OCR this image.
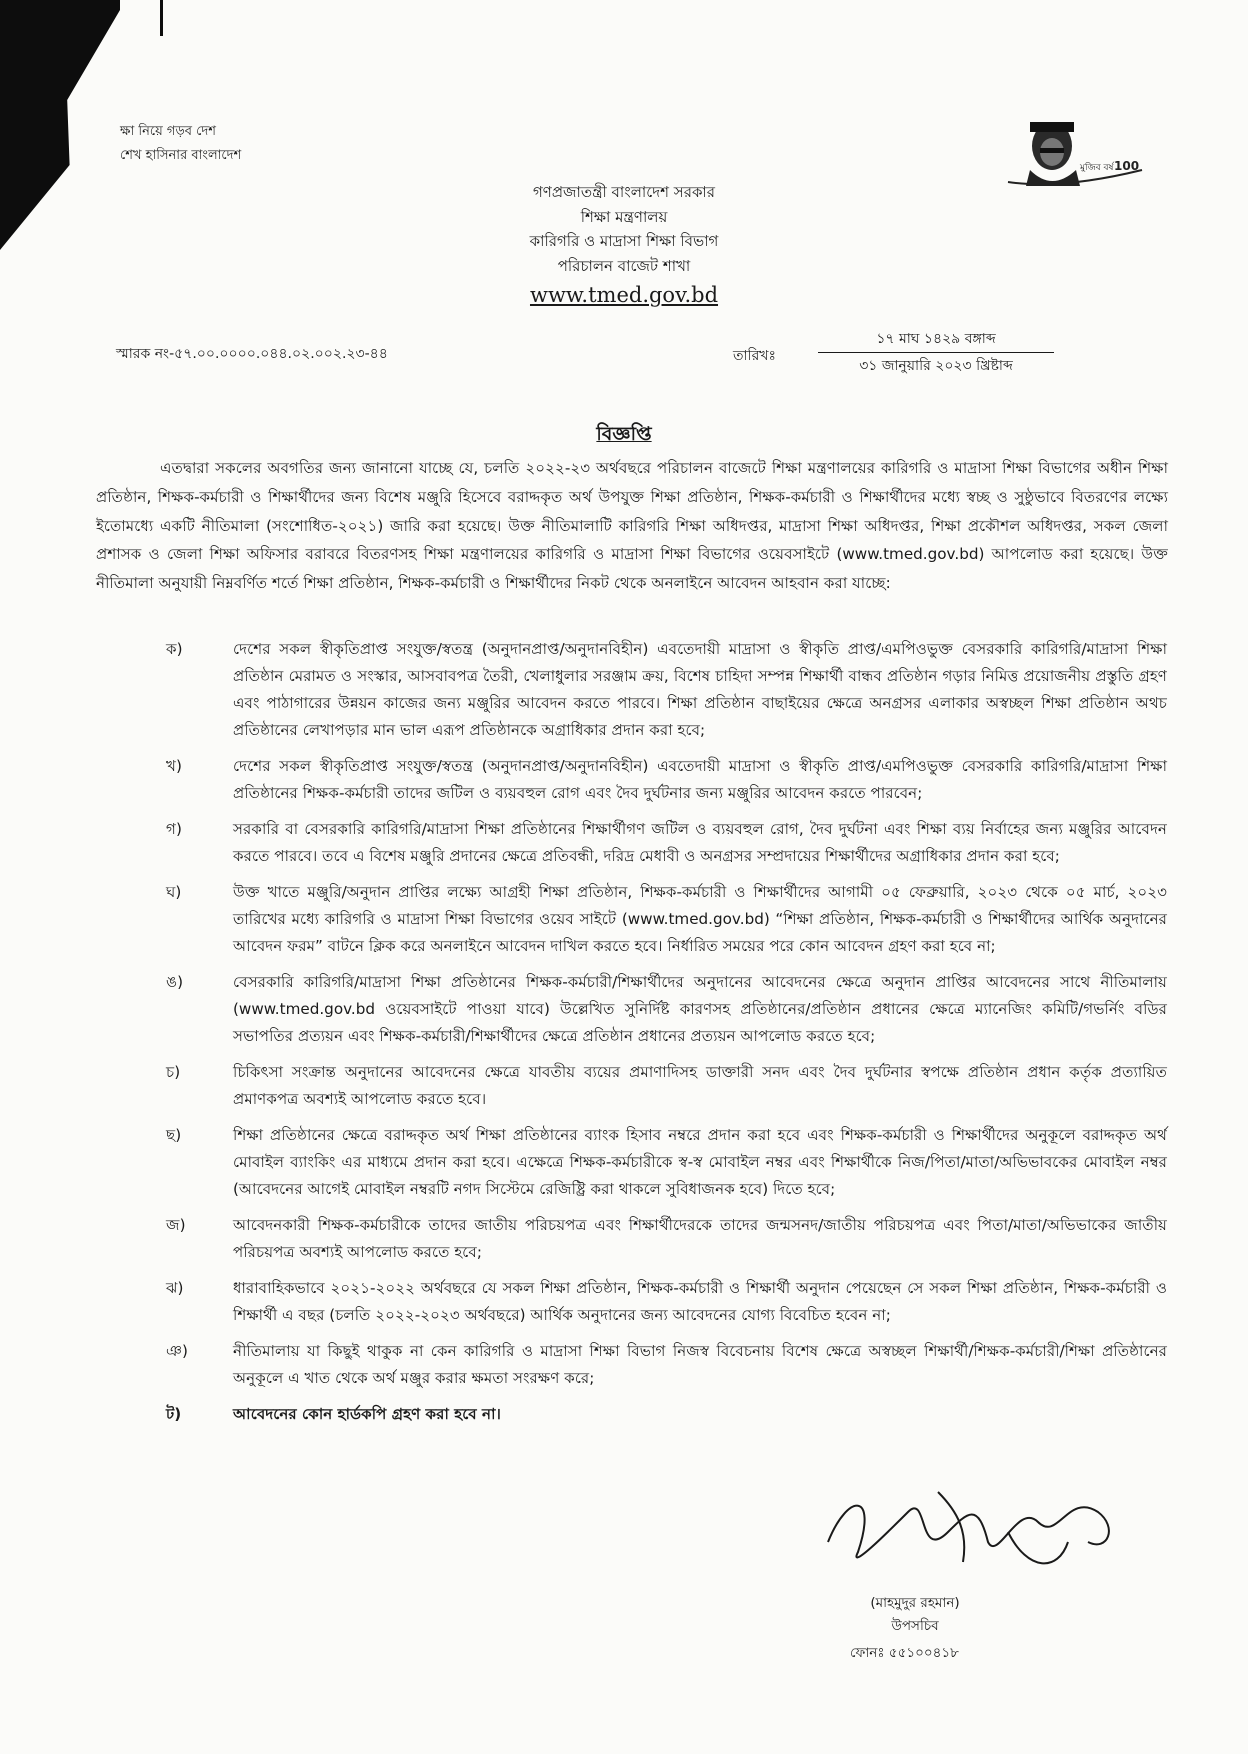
ক্ষা নিয়ে গড়ব দেশ
শেখ হাসিনার বাংলাদেশ
মুজিব বর্ষ 100
গণপ্রজাতন্ত্রী বাংলাদেশ সরকার
শিক্ষা মন্ত্রণালয়
কারিগরি ও মাদ্রাসা শিক্ষা বিভাগ
পরিচালন বাজেট শাখা
www.tmed.gov.bd
স্মারক নং-৫৭.০০.০০০০.০৪৪.০২.০০২.২৩-৪৪	তারিখঃ
১৭ মাঘ ১৪২৯ বঙ্গাব্দ
৩১ জানুয়ারি ২০২৩ খ্রিষ্টাব্দ
বিজ্ঞপ্তি

এতদ্বারা সকলের অবগতির জন্য জানানো যাচ্ছে যে, চলতি ২০২২-২৩ অর্থবছরে পরিচালন বাজেটে শিক্ষা মন্ত্রণালয়ের কারিগরি ও মাদ্রাসা শিক্ষা বিভাগের অধীন শিক্ষা প্রতিষ্ঠান, শিক্ষক-কর্মচারী ও শিক্ষার্থীদের জন্য বিশেষ মঞ্জুরি হিসেবে বরাদ্দকৃত অর্থ উপযুক্ত শিক্ষা প্রতিষ্ঠান, শিক্ষক-কর্মচারী ও শিক্ষার্থীদের মধ্যে স্বচ্ছ ও সুষ্ঠুভাবে বিতরণের লক্ষ্যে ইতোমধ্যে একটি নীতিমালা (সংশোধিত-২০২১) জারি করা হয়েছে। উক্ত নীতিমালাটি কারিগরি শিক্ষা অধিদপ্তর, মাদ্রাসা শিক্ষা অধিদপ্তর, শিক্ষা প্রকৌশল অধিদপ্তর, সকল জেলা প্রশাসক ও জেলা শিক্ষা অফিসার বরাবরে বিতরণসহ শিক্ষা মন্ত্রণালয়ের কারিগরি ও মাদ্রাসা শিক্ষা বিভাগের ওয়েবসাইটে (www.tmed.gov.bd) আপলোড করা হয়েছে। উক্ত নীতিমালা অনুযায়ী নিম্নবর্ণিত শর্তে শিক্ষা প্রতিষ্ঠান, শিক্ষক-কর্মচারী ও শিক্ষার্থীদের নিকট থেকে অনলাইনে আবেদন আহবান করা যাচ্ছে:

ক)	দেশের সকল স্বীকৃতিপ্রাপ্ত সংযুক্ত/স্বতন্ত্র (অনুদানপ্রাপ্ত/অনুদানবিহীন) এবতেদায়ী মাদ্রাসা ও স্বীকৃতি প্রাপ্ত/এমপিওভুক্ত বেসরকারি কারিগরি/মাদ্রাসা শিক্ষা প্রতিষ্ঠান মেরামত ও সংস্কার, আসবাবপত্র তৈরী, খেলাধুলার সরঞ্জাম ক্রয়, বিশেষ চাহিদা সম্পন্ন শিক্ষার্থী বান্ধব প্রতিষ্ঠান গড়ার নিমিত্ত প্রয়োজনীয় প্রস্তুতি গ্রহণ এবং পাঠাগারের উন্নয়ন কাজের জন্য মঞ্জুরির আবেদন করতে পারবে। শিক্ষা প্রতিষ্ঠান বাছাইয়ের ক্ষেত্রে অনগ্রসর এলাকার অস্বচ্ছল শিক্ষা প্রতিষ্ঠান অথচ প্রতিষ্ঠানের লেখাপড়ার মান ভাল এরূপ প্রতিষ্ঠানকে অগ্রাধিকার প্রদান করা হবে;

খ)	দেশের সকল স্বীকৃতিপ্রাপ্ত সংযুক্ত/স্বতন্ত্র (অনুদানপ্রাপ্ত/অনুদানবিহীন) এবতেদায়ী মাদ্রাসা ও স্বীকৃতি প্রাপ্ত/এমপিওভুক্ত বেসরকারি কারিগরি/মাদ্রাসা শিক্ষা প্রতিষ্ঠানের শিক্ষক-কর্মচারী তাদের জটিল ও ব্যয়বহুল রোগ এবং দৈব দুর্ঘটনার জন্য মঞ্জুরির আবেদন করতে পারবেন;

গ)	সরকারি বা বেসরকারি কারিগরি/মাদ্রাসা শিক্ষা প্রতিষ্ঠানের শিক্ষার্থীগণ জটিল ও ব্যয়বহুল রোগ, দৈব দুর্ঘটনা এবং শিক্ষা ব্যয় নির্বাহের জন্য মঞ্জুরির আবেদন করতে পারবে। তবে এ বিশেষ মঞ্জুরি প্রদানের ক্ষেত্রে প্রতিবন্ধী, দরিদ্র মেধাবী ও অনগ্রসর সম্প্রদায়ের শিক্ষার্থীদের অগ্রাধিকার প্রদান করা হবে;

ঘ)	উক্ত খাতে মঞ্জুরি/অনুদান প্রাপ্তির লক্ষ্যে আগ্রহী শিক্ষা প্রতিষ্ঠান, শিক্ষক-কর্মচারী ও শিক্ষার্থীদের আগামী ০৫ ফেব্রুয়ারি, ২০২৩ থেকে ০৫ মার্চ, ২০২৩ তারিখের মধ্যে কারিগরি ও মাদ্রাসা শিক্ষা বিভাগের ওয়েব সাইটে (www.tmed.gov.bd) “শিক্ষা প্রতিষ্ঠান, শিক্ষক-কর্মচারী ও শিক্ষার্থীদের আর্থিক অনুদানের আবেদন ফরম” বাটনে ক্লিক করে অনলাইনে আবেদন দাখিল করতে হবে। নির্ধারিত সময়ের পরে কোন আবেদন গ্রহণ করা হবে না;

ঙ)	বেসরকারি কারিগরি/মাদ্রাসা শিক্ষা প্রতিষ্ঠানের শিক্ষক-কর্মচারী/শিক্ষার্থীদের অনুদানের আবেদনের ক্ষেত্রে অনুদান প্রাপ্তির আবেদনের সাথে নীতিমালায় (www.tmed.gov.bd ওয়েবসাইটে পাওয়া যাবে) উল্লেখিত সুনির্দিষ্ট কারণসহ প্রতিষ্ঠানের/প্রতিষ্ঠান প্রধানের ক্ষেত্রে ম্যানেজিং কমিটি/গভর্নিং বডির সভাপতির প্রত্যয়ন এবং শিক্ষক-কর্মচারী/শিক্ষার্থীদের ক্ষেত্রে প্রতিষ্ঠান প্রধানের প্রত্যয়ন আপলোড করতে হবে;

চ)	চিকিৎসা সংক্রান্ত অনুদানের আবেদনের ক্ষেত্রে যাবতীয় ব্যয়ের প্রমাণাদিসহ ডাক্তারী সনদ এবং দৈব দুর্ঘটনার স্বপক্ষে প্রতিষ্ঠান প্রধান কর্তৃক প্রত্যায়িত প্রমাণকপত্র অবশ্যই আপলোড করতে হবে।

ছ)	শিক্ষা প্রতিষ্ঠানের ক্ষেত্রে বরাদ্দকৃত অর্থ শিক্ষা প্রতিষ্ঠানের ব্যাংক হিসাব নম্বরে প্রদান করা হবে এবং শিক্ষক-কর্মচারী ও শিক্ষার্থীদের অনুকূলে বরাদ্দকৃত অর্থ মোবাইল ব্যাংকিং এর মাধ্যমে প্রদান করা হবে। এক্ষেত্রে শিক্ষক-কর্মচারীকে স্ব-স্ব মোবাইল নম্বর এবং শিক্ষার্থীকে নিজ/পিতা/মাতা/অভিভাবকের মোবাইল নম্বর (আবেদনের আগেই মোবাইল নম্বরটি নগদ সিস্টেমে রেজিষ্ট্রি করা থাকলে সুবিধাজনক হবে) দিতে হবে;

জ)	আবেদনকারী শিক্ষক-কর্মচারীকে তাদের জাতীয় পরিচয়পত্র এবং শিক্ষার্থীদেরকে তাদের জন্মসনদ/জাতীয় পরিচয়পত্র এবং পিতা/মাতা/অভিভাকের জাতীয় পরিচয়পত্র অবশ্যই আপলোড করতে হবে;

ঝ)	ধারাবাহিকভাবে ২০২১-২০২২ অর্থবছরে যে সকল শিক্ষা প্রতিষ্ঠান, শিক্ষক-কর্মচারী ও শিক্ষার্থী অনুদান পেয়েছেন সে সকল শিক্ষা প্রতিষ্ঠান, শিক্ষক-কর্মচারী ও শিক্ষার্থী এ বছর (চলতি ২০২২-২০২৩ অর্থবছরে) আর্থিক অনুদানের জন্য আবেদনের যোগ্য বিবেচিত হবেন না;

ঞ)	নীতিমালায় যা কিছুই থাকুক না কেন কারিগরি ও মাদ্রাসা শিক্ষা বিভাগ নিজস্ব বিবেচনায় বিশেষ ক্ষেত্রে অস্বচ্ছল শিক্ষার্থী/শিক্ষক-কর্মচারী/শিক্ষা প্রতিষ্ঠানের অনুকূলে এ খাত থেকে অর্থ মঞ্জুর করার ক্ষমতা সংরক্ষণ করে;

ট)	আবেদনের কোন হার্ডকপি গ্রহণ করা হবে না।

(মাহমুদুর রহমান)
উপসচিব
ফোনঃ ৫৫১০০৪১৮
